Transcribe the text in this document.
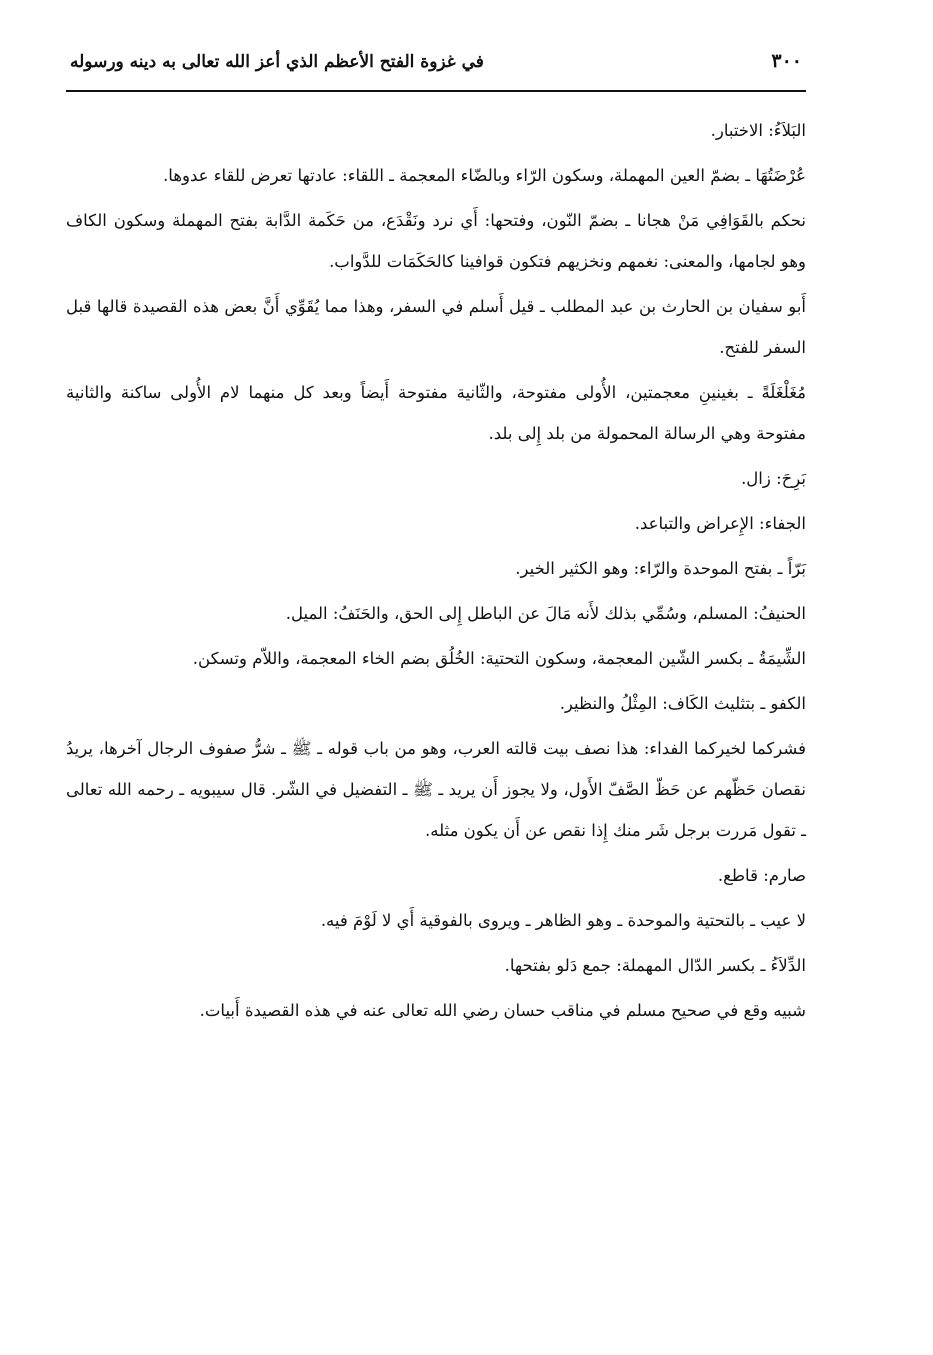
٣٠٠
في غزوة الفتح الأعظم الذي أعز الله تعالى به دينه ورسوله

البَلاَءُ: الاختبار.

عُرْضَتُهَا ـ بضمّ العين المهملة، وسكون الرّاء وبالضّاء المعجمة ـ اللقاء: عادتها تعرض للقاء عدوها.

نحكم بالقَوَافِي مَنْ هجانا ـ بضمّ النّون، وفتحها: أَي نرد ونَقْدَع، من حَكَمة الدَّابة بفتح المهملة وسكون الكاف وهو لجامها، والمعنى: نغمهم ونخزيهم فتكون قوافينا كالحَكَمَات للدَّواب.

أَبو سفيان بن الحارث بن عبد المطلب ـ قيل أَسلم في السفر، وهذا مما يُقَوِّي أَنَّ بعض هذه القصيدة قالها قبل السفر للفتح.

مُغَلْغَلَةً ـ بغينينِ معجمتين، الأُولى مفتوحة، والثّانية مفتوحة أَيضاً وبعد كل منهما لام الأُولى ساكنة والثانية مفتوحة وهي الرسالة المحمولة من بلد إِلى بلد.

بَرِحَ: زال.

الجفاء: الإِعراض والتباعد.

بَرّاً ـ بفتح الموحدة والرّاء: وهو الكثير الخير.

الحنيفُ: المسلم، وسُمِّي بذلك لأَنه مَالَ عن الباطل إِلى الحق، والحَنَفُ: الميل.

الشِّيمَةُ ـ بكسر الشّين المعجمة، وسكون التحتية: الخُلُق بضم الخاء المعجمة، واللاّم وتسكن.

الكفو ـ بتثليث الكَاف: المِثْلُ والنظير.

فشركما لخيركما الفداء: هذا نصف بيت قالته العرب، وهو من باب قوله ـ ﷺ ـ شرُّ صفوف الرجال آخرها، يريدُ نقصان حَظّهم عن حَظّ الصَّفّ الأَول، ولا يجوز أَن يريد ـ ﷺ ـ التفضيل في الشّر. قال سيبويه ـ رحمه الله تعالى ـ تقول مَررت برجل شَر منك إِذا نقص عن أَن يكون مثله.

صارم: قاطع.

لا عيب ـ بالتحتية والموحدة ـ وهو الظاهر ـ ويروى بالفوقية أَي لا لَوْمَ فيه.

الدِّلاَءُ ـ بكسر الدّال المهملة: جمع دَلو بفتحها.

شبيه وقع في صحيح مسلم في مناقب حسان رضي الله تعالى عنه في هذه القصيدة أَبيات.
